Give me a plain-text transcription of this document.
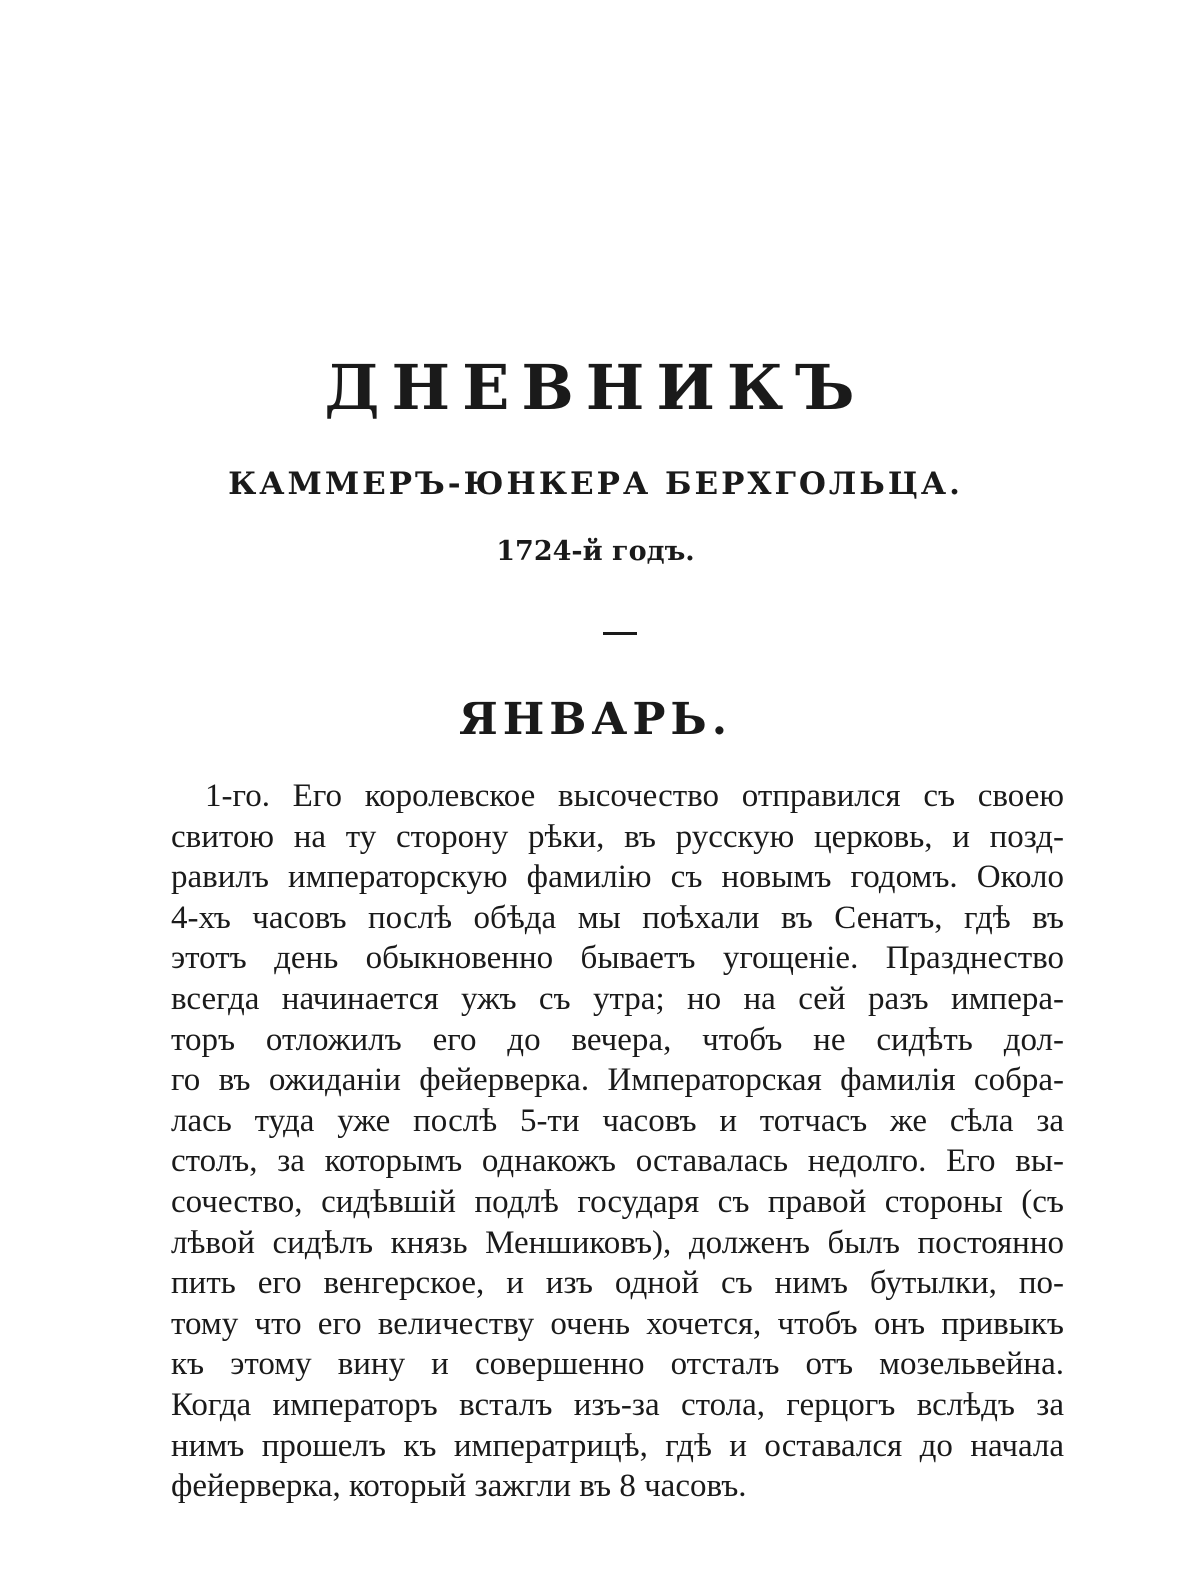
ДНЕВНИКЪ
КАММЕРЪ-ЮНКЕРА БЕРХГОЛЬЦА.
1724-й годъ.
ЯНВАРЬ.
1-го. Его королевское высочество отправился съ своею
свитою на ту сторону рѣки, въ русскую церковь, и позд-
равилъ императорскую фамилію съ новымъ годомъ. Около
4-хъ часовъ послѣ обѣда мы поѣхали въ Сенатъ, гдѣ въ
этотъ день обыкновенно бываетъ угощеніе. Празднество
всегда начинается ужъ съ утра; но на сей разъ импера-
торъ отложилъ его до вечера, чтобъ не сидѣть дол-
го въ ожиданіи фейерверка. Императорская фамилія собра-
лась туда уже послѣ 5-ти часовъ и тотчасъ же сѣла за
столъ, за которымъ однакожъ оставалась недолго. Его вы-
сочество, сидѣвшій подлѣ государя съ правой стороны (съ
лѣвой сидѣлъ князь Меншиковъ), долженъ былъ постоянно
пить его венгерское, и изъ одной съ нимъ бутылки, по-
тому что его величеству очень хочется, чтобъ онъ привыкъ
къ этому вину и совершенно отсталъ отъ мозельвейна.
Когда императоръ всталъ изъ-за стола, герцогъ вслѣдъ за
нимъ прошелъ къ императрицѣ, гдѣ и оставался до начала
фейерверка, который зажгли въ 8 часовъ.
